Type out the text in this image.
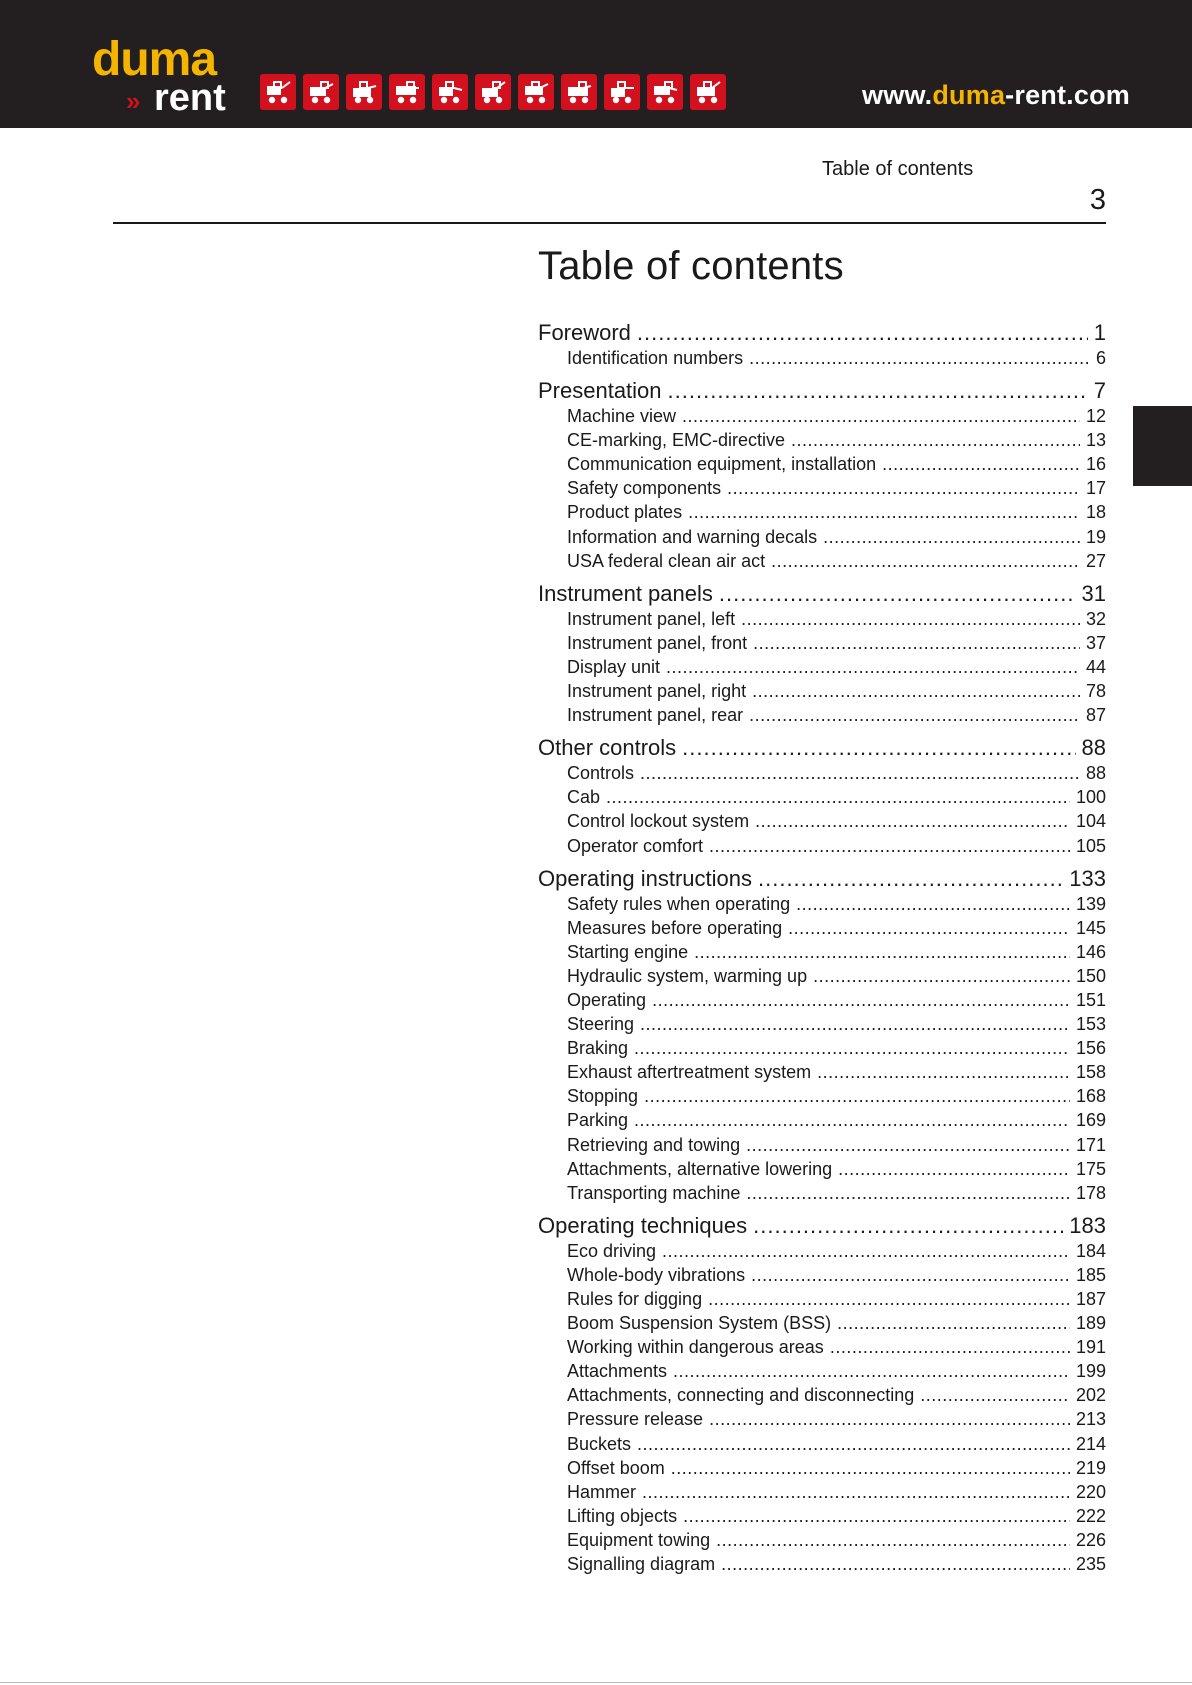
duma
» rent	www.duma-rent.com
Table of contents
3
Table of contents
Foreword .....	1
Identification numbers .....	6
Presentation .....	7
Machine view .....	12
CE-marking, EMC-directive .....	13
Communication equipment, installation .....	16
Safety components .....	17
Product plates .....	18
Information and warning decals .....	19
USA federal clean air act .....	27
Instrument panels .....	31
Instrument panel, left .....	32
Instrument panel, front .....	37
Display unit .....	44
Instrument panel, right .....	78
Instrument panel, rear .....	87
Other controls .....	88
Controls .....	88
Cab .....	100
Control lockout system .....	104
Operator comfort .....	105
Operating instructions .....	133
Safety rules when operating .....	139
Measures before operating .....	145
Starting engine .....	146
Hydraulic system, warming up .....	150
Operating .....	151
Steering .....	153
Braking .....	156
Exhaust aftertreatment system .....	158
Stopping .....	168
Parking .....	169
Retrieving and towing .....	171
Attachments, alternative lowering .....	175
Transporting machine .....	178
Operating techniques .....	183
Eco driving .....	184
Whole-body vibrations .....	185
Rules for digging .....	187
Boom Suspension System (BSS) .....	189
Working within dangerous areas .....	191
Attachments .....	199
Attachments, connecting and disconnecting .....	202
Pressure release .....	213
Buckets .....	214
Offset boom .....	219
Hammer .....	220
Lifting objects .....	222
Equipment towing .....	226
Signalling diagram .....	235
